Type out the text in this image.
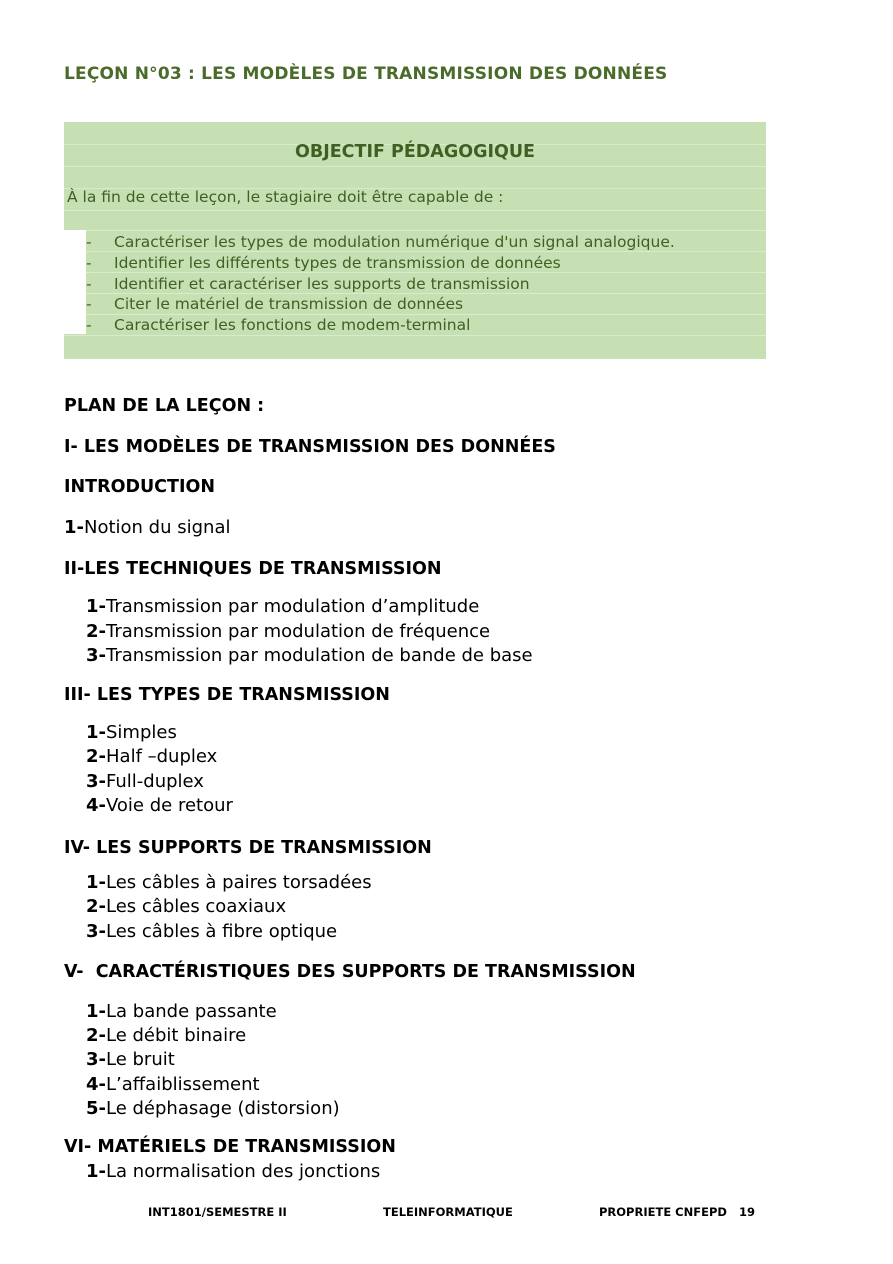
LEÇON N°03 : LES MODÈLES DE TRANSMISSION DES DONNÉES
OBJECTIF PÉDAGOGIQUE
À la fin de cette leçon, le stagiaire doit être capable de :
- Caractériser les types de modulation numérique d'un signal analogique.
- Identifier les différents types de transmission de données
- Identifier et caractériser les supports de transmission
- Citer le matériel de transmission de données
- Caractériser les fonctions de modem-terminal
PLAN DE LA LEÇON :
I- LES MODÈLES DE TRANSMISSION DES DONNÉES
INTRODUCTION
1-Notion du signal
II-LES TECHNIQUES DE TRANSMISSION
1-Transmission par modulation d’amplitude
2-Transmission par modulation de fréquence
3-Transmission par modulation de bande de base
III- LES TYPES DE TRANSMISSION
1-Simples
2-Half –duplex
3-Full-duplex
4-Voie de retour
IV- LES SUPPORTS DE TRANSMISSION
1-Les câbles à paires torsadées
2-Les câbles coaxiaux
3-Les câbles à fibre optique
V-  CARACTÉRISTIQUES DES SUPPORTS DE TRANSMISSION
1-La bande passante
2-Le débit binaire
3-Le bruit
4-L’affaiblissement
5-Le déphasage (distorsion)
VI- MATÉRIELS DE TRANSMISSION
1-La normalisation des jonctions
INT1801/SEMESTRE II	TELEINFORMATIQUE	PROPRIETE CNFEPD 19
